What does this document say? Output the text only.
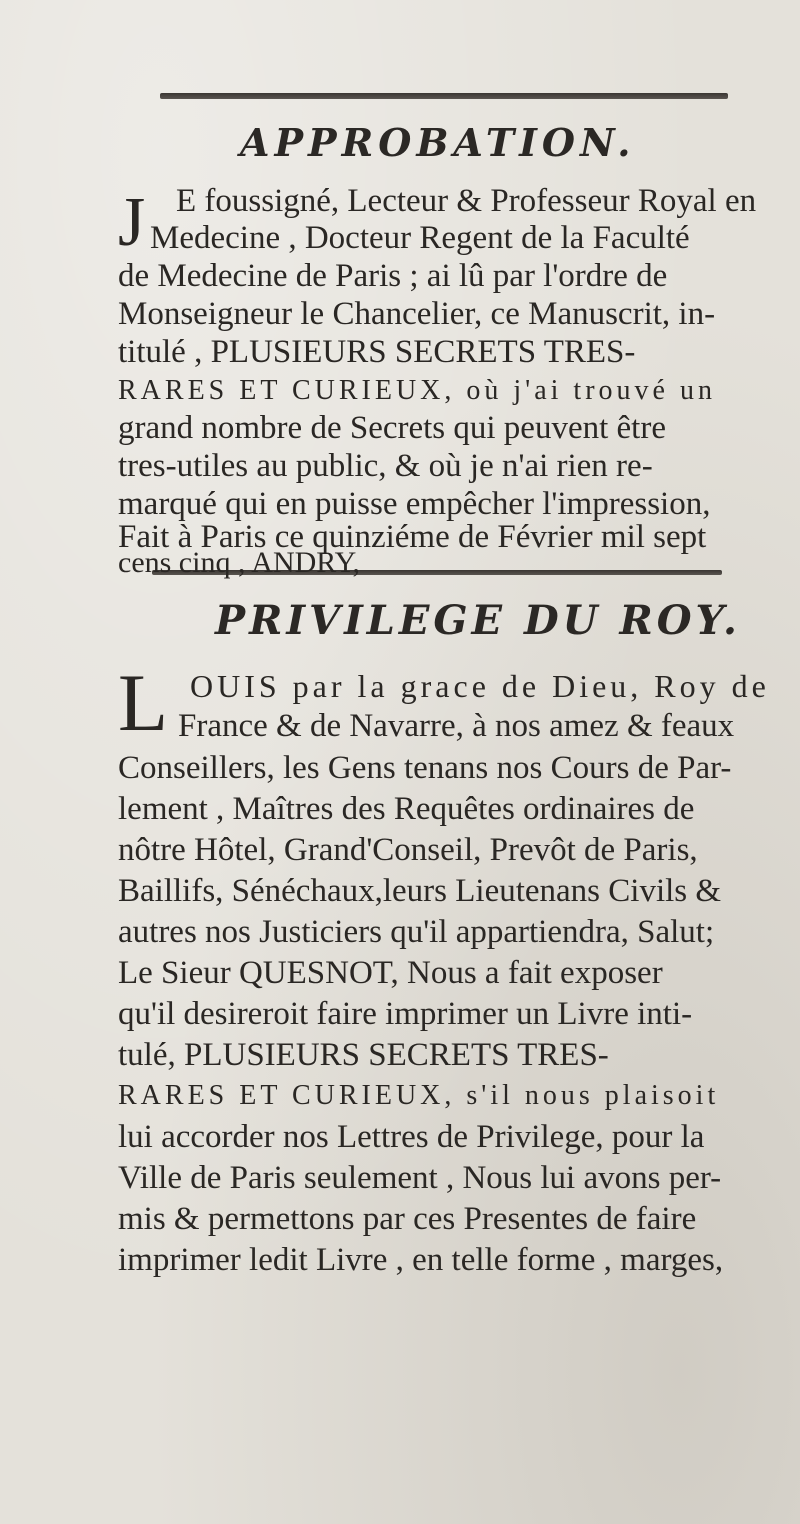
APPROBATION.
J E foussigné, Lecteur & Professeur Royal en
Medecine , Docteur Regent de la Faculté
de Medecine de Paris ; ai lû par l'ordre de
Monseigneur le Chancelier, ce Manuscrit, in-
titulé , PLUSIEURS SECRETS TRES-
RARES ET CURIEUX, où j'ai trouvé un
grand nombre de Secrets qui peuvent être
tres-utiles au public, & où je n'ai rien re-
marqué qui en puisse empêcher l'impression,
PRIVILEGE DU ROY.
L OUIS par la grace de Dieu, Roy de
France & de Navarre, à nos amez & feaux
Conseillers, les Gens tenans nos Cours de Par-
lement , Maîtres des Requêtes ordinaires de
nôtre Hôtel, Grand'Conseil, Prevôt de Paris,
Baillifs, Sénéchaux,leurs Lieutenans Civils &
autres nos Justiciers qu'il appartiendra, Salut;
Le Sieur QUESNOT, Nous a fait exposer
qu'il desireroit faire imprimer un Livre inti-
tulé, PLUSIEURS SECRETS TRES-
RARES ET CURIEUX, s'il nous plaisoit
lui accorder nos Lettres de Privilege, pour la
Ville de Paris seulement , Nous lui avons per-
mis & permettons par ces Presentes de faire
imprimer ledit Livre , en telle forme , marges,
Fait à Paris ce quinziéme de Février mil sept
cens cinq , ANDRY,
